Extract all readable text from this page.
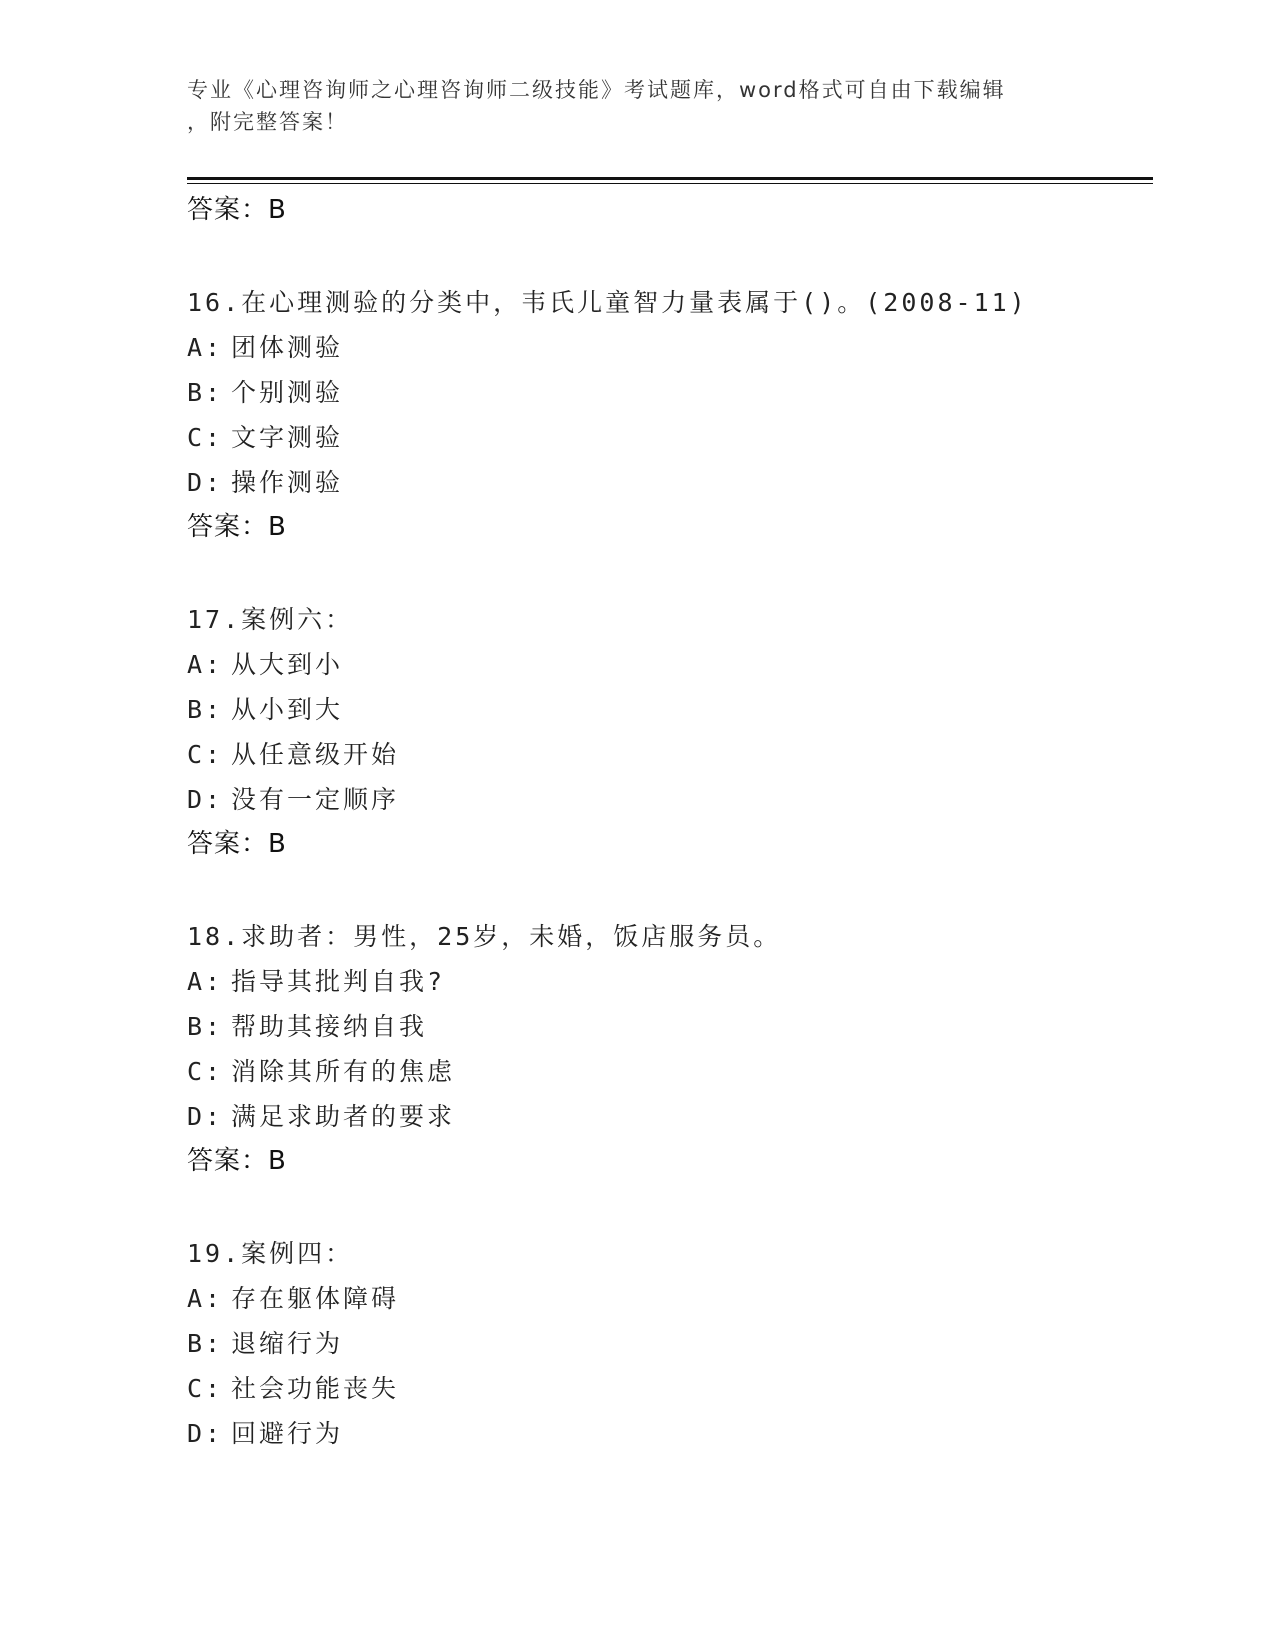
专业《心理咨询师之心理咨询师二级技能》考试题库，word格式可自由下载编辑
，附完整答案！
答案：B
16.在心理测验的分类中，韦氏儿童智力量表属于()。(2008-11)
A: 团体测验
B: 个别测验
C: 文字测验
D: 操作测验
答案：B
17.案例六：
A: 从大到小
B: 从小到大
C: 从任意级开始
D: 没有一定顺序
答案：B
18.求助者：男性，25岁，未婚，饭店服务员。
A: 指导其批判自我?
B: 帮助其接纳自我
C: 消除其所有的焦虑
D: 满足求助者的要求
答案：B
19.案例四：
A: 存在躯体障碍
B: 退缩行为
C: 社会功能丧失
D: 回避行为
